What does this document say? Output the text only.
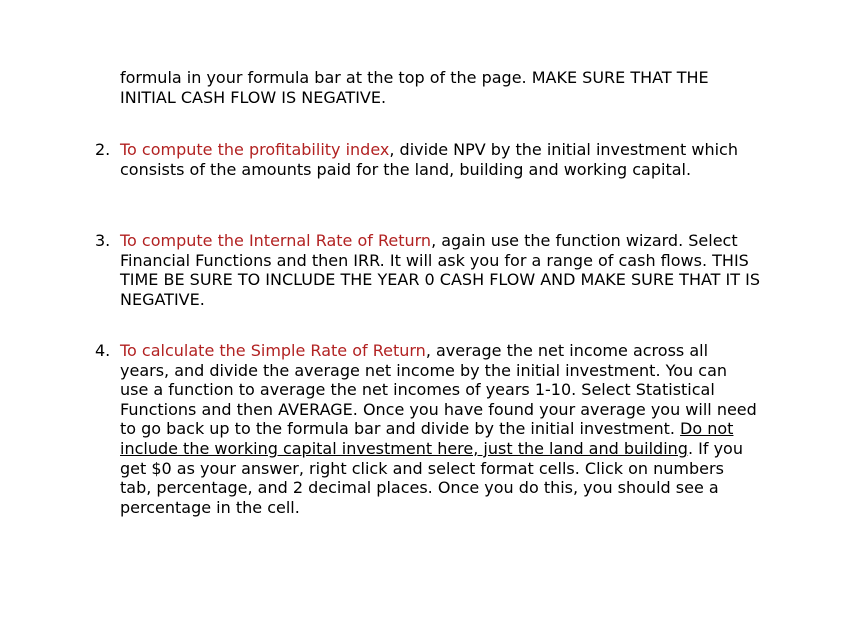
formula in your formula bar at the top of the page. MAKE SURE THAT THE INITIAL CASH FLOW IS NEGATIVE.

2. To compute the profitability index, divide NPV by the initial investment which consists of the amounts paid for the land, building and working capital.

3. To compute the Internal Rate of Return, again use the function wizard. Select Financial Functions and then IRR. It will ask you for a range of cash flows. THIS TIME BE SURE TO INCLUDE THE YEAR 0 CASH FLOW AND MAKE SURE THAT IT IS NEGATIVE.

4. To calculate the Simple Rate of Return, average the net income across all years, and divide the average net income by the initial investment. You can use a function to average the net incomes of years 1-10. Select Statistical Functions and then AVERAGE. Once you have found your average you will need to go back up to the formula bar and divide by the initial investment. Do not include the working capital investment here, just the land and building. If you get $0 as your answer, right click and select format cells. Click on numbers tab, percentage, and 2 decimal places. Once you do this, you should see a percentage in the cell.
